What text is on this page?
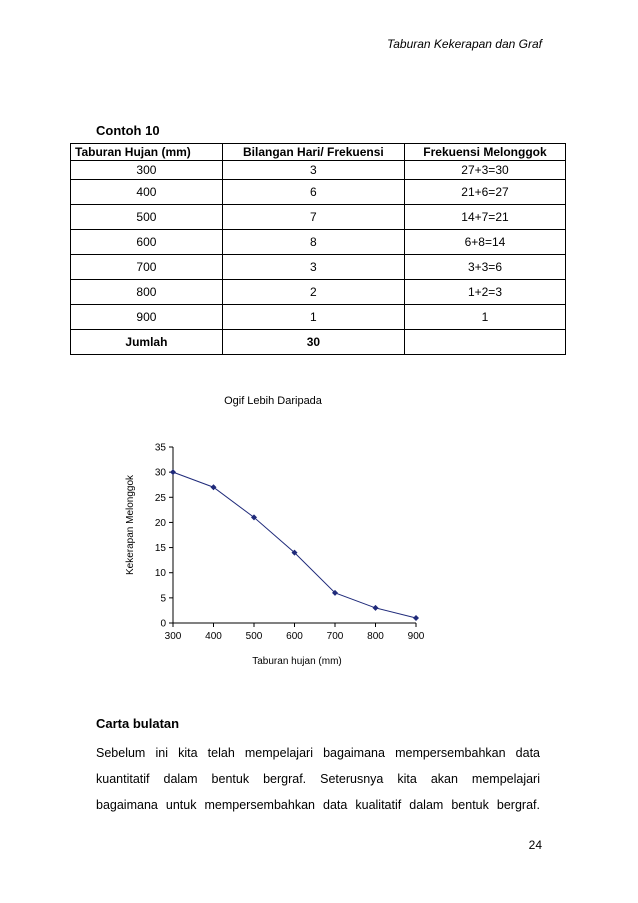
Taburan Kekerapan dan Graf
Contoh 10
Taburan Hujan (mm)	Bilangan Hari/ Frekuensi	Frekuensi Melonggok
300	3	27+3=30
400	6	21+6=27
500	7	14+7=21
600	8	6+8=14
700	3	3+3=6
800	2	1+2=3
900	1	1
Jumlah	30	
Ogif Lebih Daripada
Kekerapan Melonggok
Taburan hujan (mm)
0
5
10
15
20
25
30
35
300 400 500 600 700 800 900
Carta bulatan
Sebelum ini kita telah mempelajari bagaimana mempersembahkan data
kuantitatif dalam bentuk bergraf. Seterusnya kita akan mempelajari
bagaimana untuk mempersembahkan data kualitatif dalam bentuk bergraf.
24
